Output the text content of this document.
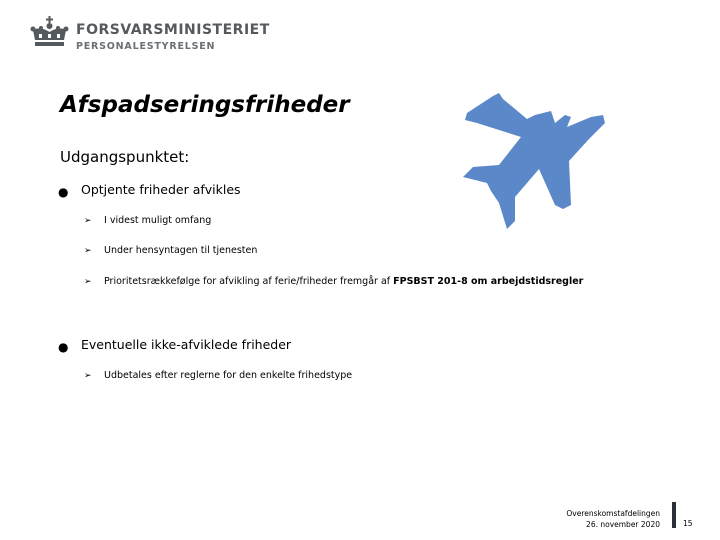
FORSVARSMINISTERIET
PERSONALESTYRELSEN
Afspadseringsfriheder
Udgangspunktet:
● Optjente friheder afvikles
➢ I videst muligt omfang
➢ Under hensyntagen til tjenesten
➢ Prioritetsrækkefølge for afvikling af ferie/friheder fremgår af FPSBST 201-8 om arbejdstidsregler
● Eventuelle ikke-afviklede friheder
➢ Udbetales efter reglerne for den enkelte frihedstype
Overenskomstafdelingen
26. november 2020	15
